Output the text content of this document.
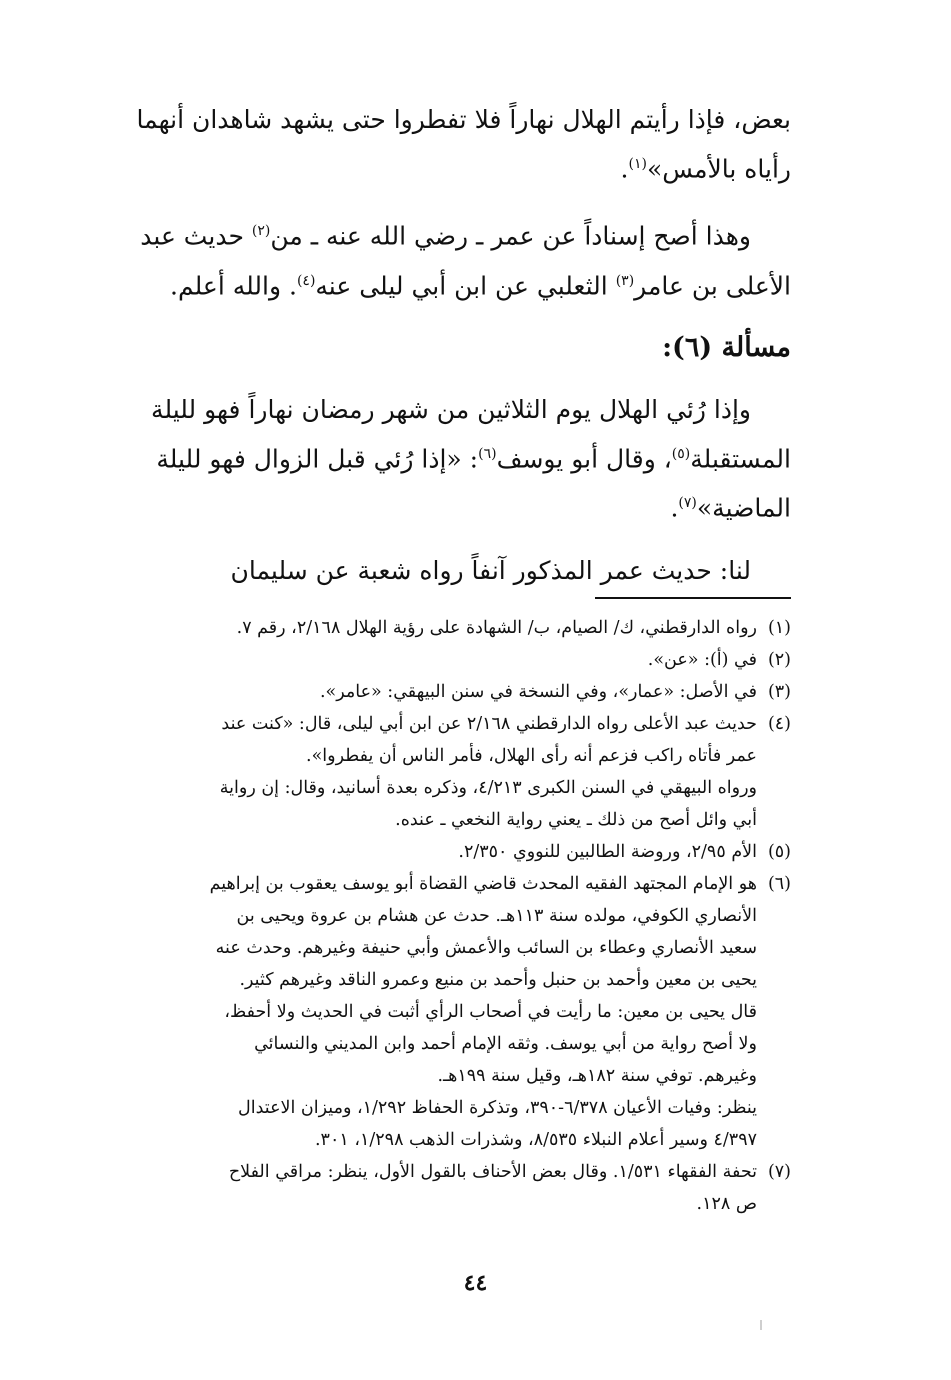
بعض، فإذا رأيتم الهلال نهاراً فلا تفطروا حتى يشهد شاهدان أنهما

رأياه بالأمس»$^{(١)}$.

وهذا أصح إسناداً عن عمر ـ رضي الله عنه ـ من$^{(٢)}$ حديث عبد

الأعلى بن عامر$^{(٣)}$ الثعلبي عن ابن أبي ليلى عنه$^{(٤)}$. والله أعلم.

مسألة (٦):

وإذا رُئي الهلال يوم الثلاثين من شهر رمضان نهاراً فهو لليلة

المستقبلة$^{(٥)}$، وقال أبو يوسف$^{(٦)}$: «إذا رُئي قبل الزوال فهو لليلة

الماضية»$^{(٧)}$.

لنا: حديث عمر المذكور آنفاً رواه شعبة عن سليمان

(١)
رواه الدارقطني، ك/ الصيام، ب/ الشهادة على رؤية الهلال ٢/١٦٨، رقم ٧.
(٢)
في (أ): «عن».
(٣)
في الأصل: «عمار»، وفي النسخة في سنن البيهقي: «عامر».
(٤)
حديث عبد الأعلى رواه الدارقطني ٢/١٦٨ عن ابن أبي ليلى، قال: «كنت عند
عمر فأتاه راكب فزعم أنه رأى الهلال، فأمر الناس أن يفطروا».
ورواه البيهقي في السنن الكبرى ٤/٢١٣، وذكره بعدة أسانيد، وقال: إن رواية
أبي وائل أصح من ذلك ـ يعني رواية النخعي ـ عنده.
(٥)
الأم ٢/٩٥، وروضة الطالبين للنووي ٢/٣٥٠.
(٦)
هو الإمام المجتهد الفقيه المحدث قاضي القضاة أبو يوسف يعقوب بن إبراهيم
الأنصاري الكوفي، مولده سنة ١١٣هـ. حدث عن هشام بن عروة ويحيى بن
سعيد الأنصاري وعطاء بن السائب والأعمش وأبي حنيفة وغيرهم. وحدث عنه
يحيى بن معين وأحمد بن حنبل وأحمد بن منيع وعمرو الناقد وغيرهم كثير.
قال يحيى بن معين: ما رأيت في أصحاب الرأي أثبت في الحديث ولا أحفظ،
ولا أصح رواية من أبي يوسف. وثقه الإمام أحمد وابن المديني والنسائي
وغيرهم. توفي سنة ١٨٢هـ، وقيل سنة ١٩٩هـ.
ينظر: وفيات الأعيان ٦/٣٧٨-٣٩٠، وتذكرة الحفاظ ١/٢٩٢، وميزان الاعتدال
٤/٣٩٧ وسير أعلام النبلاء ٨/٥٣٥، وشذرات الذهب ١/٢٩٨، ٣٠١.
(٧)
تحفة الفقهاء ١/٥٣١. وقال بعض الأحناف بالقول الأول، ينظر: مراقي الفلاح
ص ١٢٨.
٤٤
